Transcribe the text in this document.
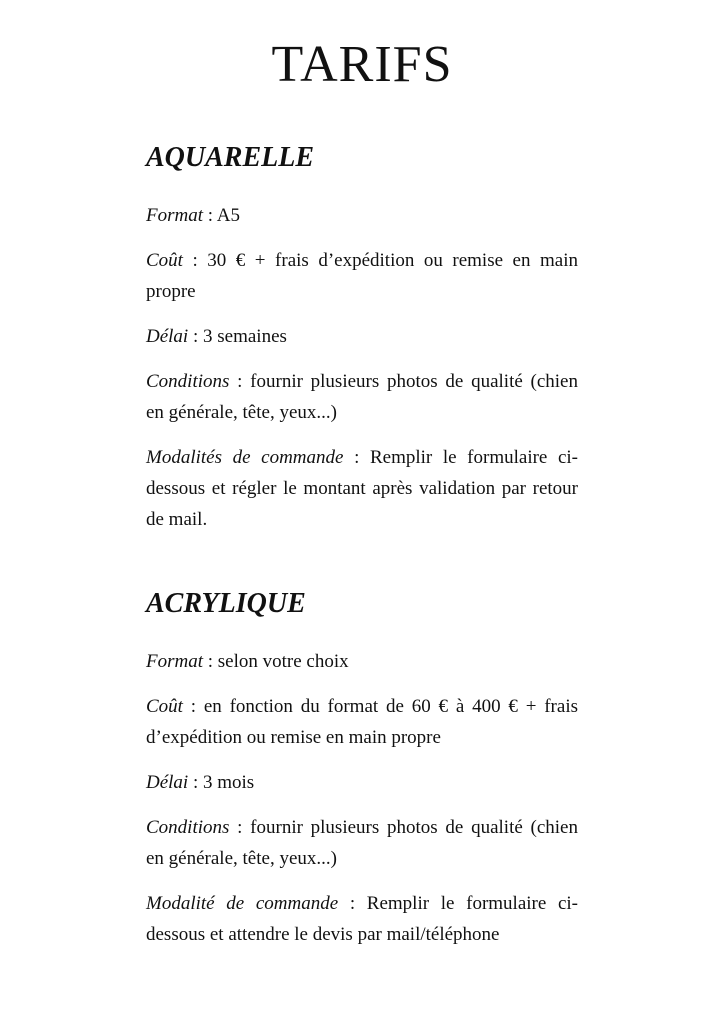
TARIFS
AQUARELLE

Format : A5

Coût : 30 € + frais d’expédition ou remise en main propre

Délai : 3 semaines

Conditions : fournir plusieurs photos de qualité (chien en générale, tête, yeux...)

Modalités de commande : Remplir le formulaire ci-dessous et régler le montant après validation par retour de mail.

ACRYLIQUE

Format : selon votre choix

Coût : en fonction du format de 60 € à 400 € + frais d’expédition ou remise en main propre

Délai : 3 mois

Conditions : fournir plusieurs photos de qualité (chien en générale, tête, yeux...)

Modalité de commande : Remplir le formulaire ci-dessous et attendre le devis par mail/téléphone
